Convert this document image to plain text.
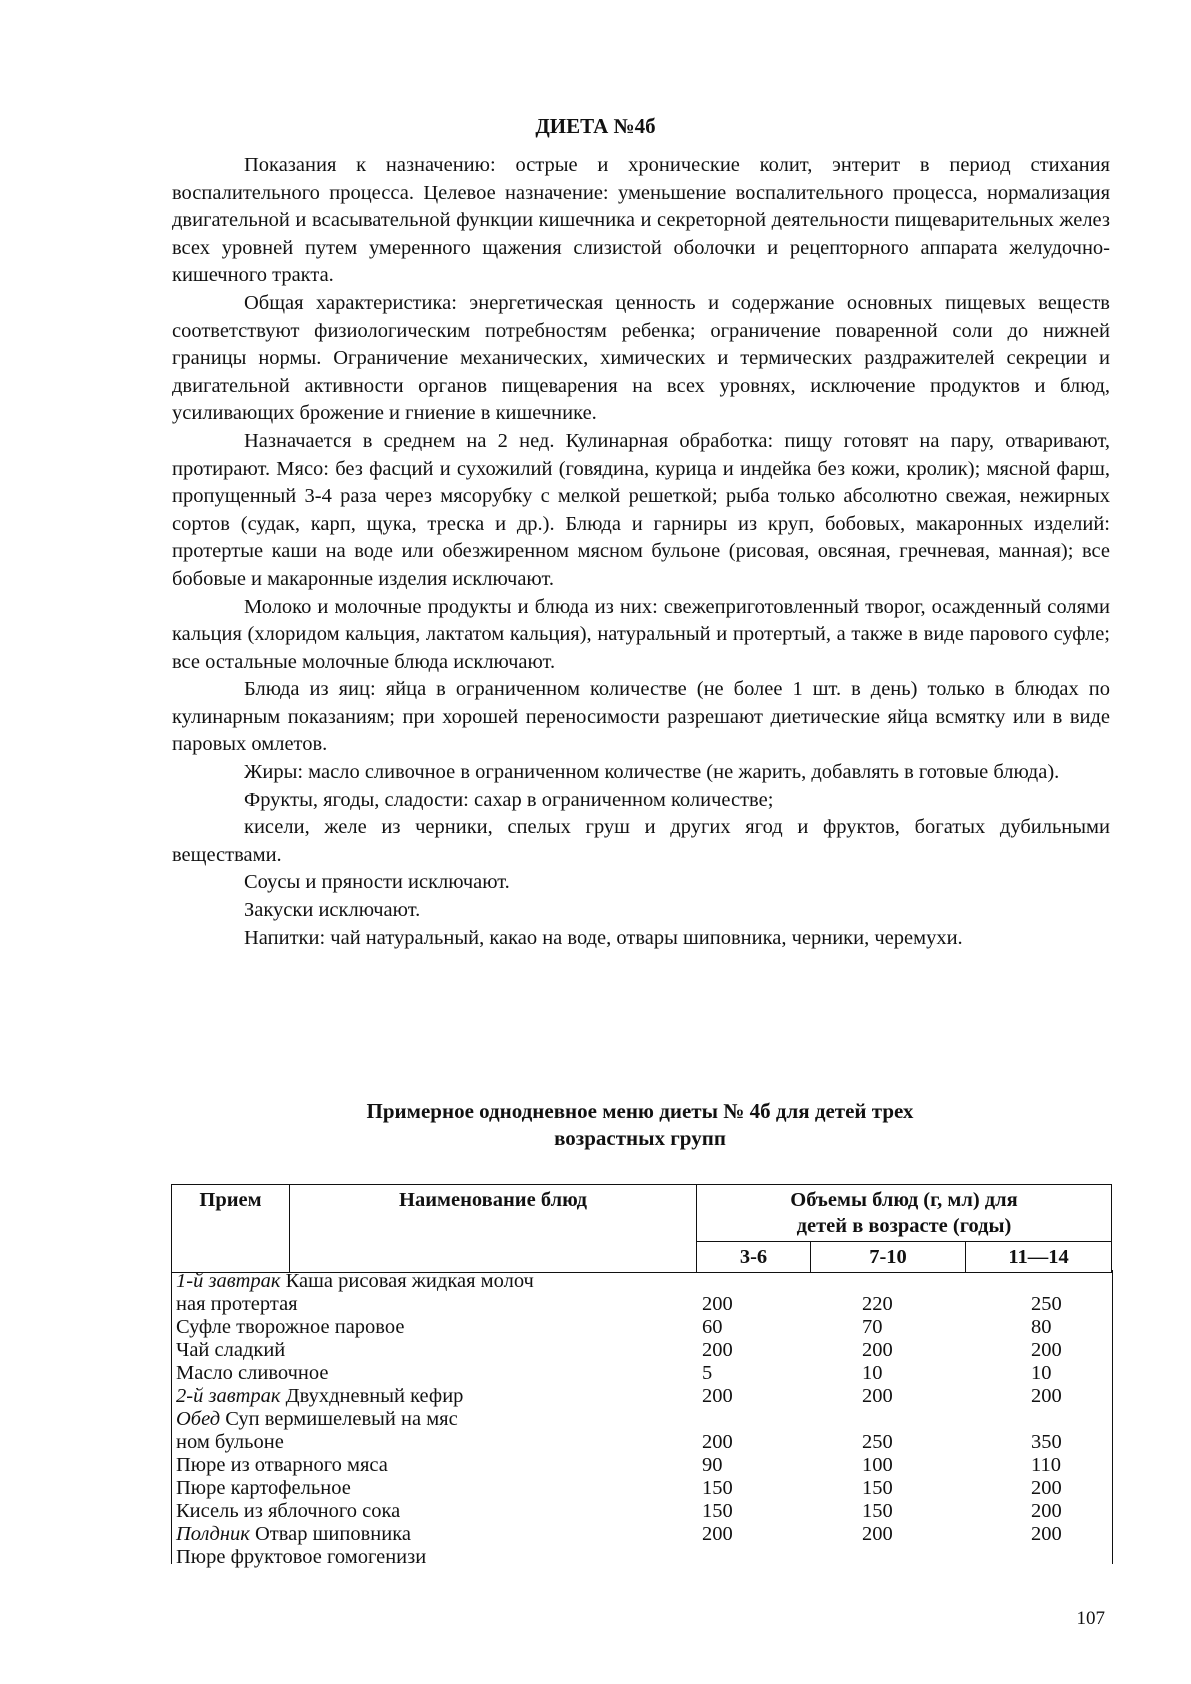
ДИЕТА №4б

Показания к назначению: острые и хронические колит, энтерит в период стихания воспалительного процесса. Целевое назначение: уменьшение воспалительного процесса, нормализация двигательной и всасывательной функции кишечника и секреторной деятельности пищеварительных желез всех уровней путем умеренного щажения слизистой оболочки и рецепторного аппарата желудочно-кишечного тракта.

Общая характеристика: энергетическая ценность и содержание основных пищевых веществ соответствуют физиологическим потребностям ребенка; ограничение поваренной соли до нижней границы нормы. Ограничение механических, химических и термических раздражителей секреции и двигательной активности органов пищеварения на всех уровнях, исключение продуктов и блюд, усиливающих брожение и гниение в кишечнике.

Назначается в среднем на 2 нед. Кулинарная обработка: пищу готовят на пару, отваривают, протирают. Мясо: без фасций и сухожилий (говядина, курица и индейка без кожи, кролик); мясной фарш, пропущенный 3-4 раза через мясорубку с мелкой решеткой; рыба только абсолютно свежая, нежирных сортов (судак, карп, щука, треска и др.). Блюда и гарниры из круп, бобовых, макаронных изделий: протертые каши на воде или обезжиренном мясном бульоне (рисовая, овсяная, гречневая, манная); все бобовые и макаронные изделия исключают.

Молоко и молочные продукты и блюда из них: свежеприготовленный творог, осажденный солями кальция (хлоридом кальция, лактатом кальция), натуральный и протертый, а также в виде парового суфле; все остальные молочные блюда исключают.

Блюда из яиц: яйца в ограниченном количестве (не более 1 шт. в день) только в блюдах по кулинарным показаниям; при хорошей переносимости разрешают диетические яйца всмятку или в виде паровых омлетов.

Жиры: масло сливочное в ограниченном количестве (не жарить, добавлять в готовые блюда).

Фрукты, ягоды, сладости: сахар в ограниченном количестве;

кисели, желе из черники, спелых груш и других ягод и фруктов, богатых дубильными веществами.

Соусы и пряности исключают.

Закуски исключают.

Напитки: чай натуральный, какао на воде, отвары шиповника, черники, черемухи.

Примерное однодневное меню диеты № 4б для детей трех
возрастных групп
Прием	Наименование блюд	Объемы блюд (г, мл) для
детей в возрасте (годы)		

		3-6	7-10	11—14
1-й завтрак Каша рисовая жидкая молоч
ная протертая	200	220	250
Суфле творожное паровое	60	70	80
Чай сладкий	200	200	200
Масло сливочное	5	10	10
2-й завтрак Двухдневный кефир	200	200	200
Обед Суп вермишелевый на мяс
ном бульоне	200	250	350
Пюре из отварного мяса	90	100	110
Пюре картофельное	150	150	200
Кисель из яблочного сока	150	150	200
Полдник Отвар шиповника	200	200	200
Пюре фруктовое гомогенизи
107
